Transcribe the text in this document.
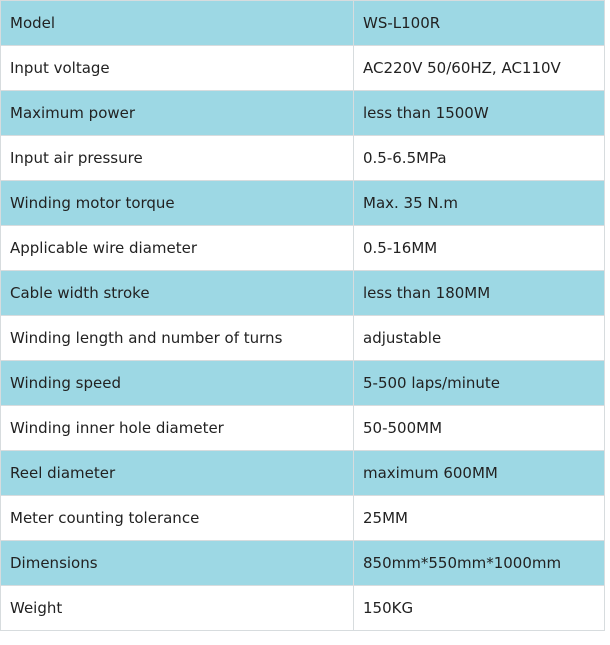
Model	WS-L100R
Input voltage	AC220V 50/60HZ, AC110V
Maximum power	less than 1500W
Input air pressure	0.5-6.5MPa
Winding motor torque	Max. 35 N.m
Applicable wire diameter	0.5-16MM
Cable width stroke	less than 180MM
Winding length and number of turns	adjustable
Winding speed	5-500 laps/minute
Winding inner hole diameter	50-500MM
Reel diameter	maximum 600MM
Meter counting tolerance	25MM
Dimensions	850mm*550mm*1000mm
Weight	150KG
